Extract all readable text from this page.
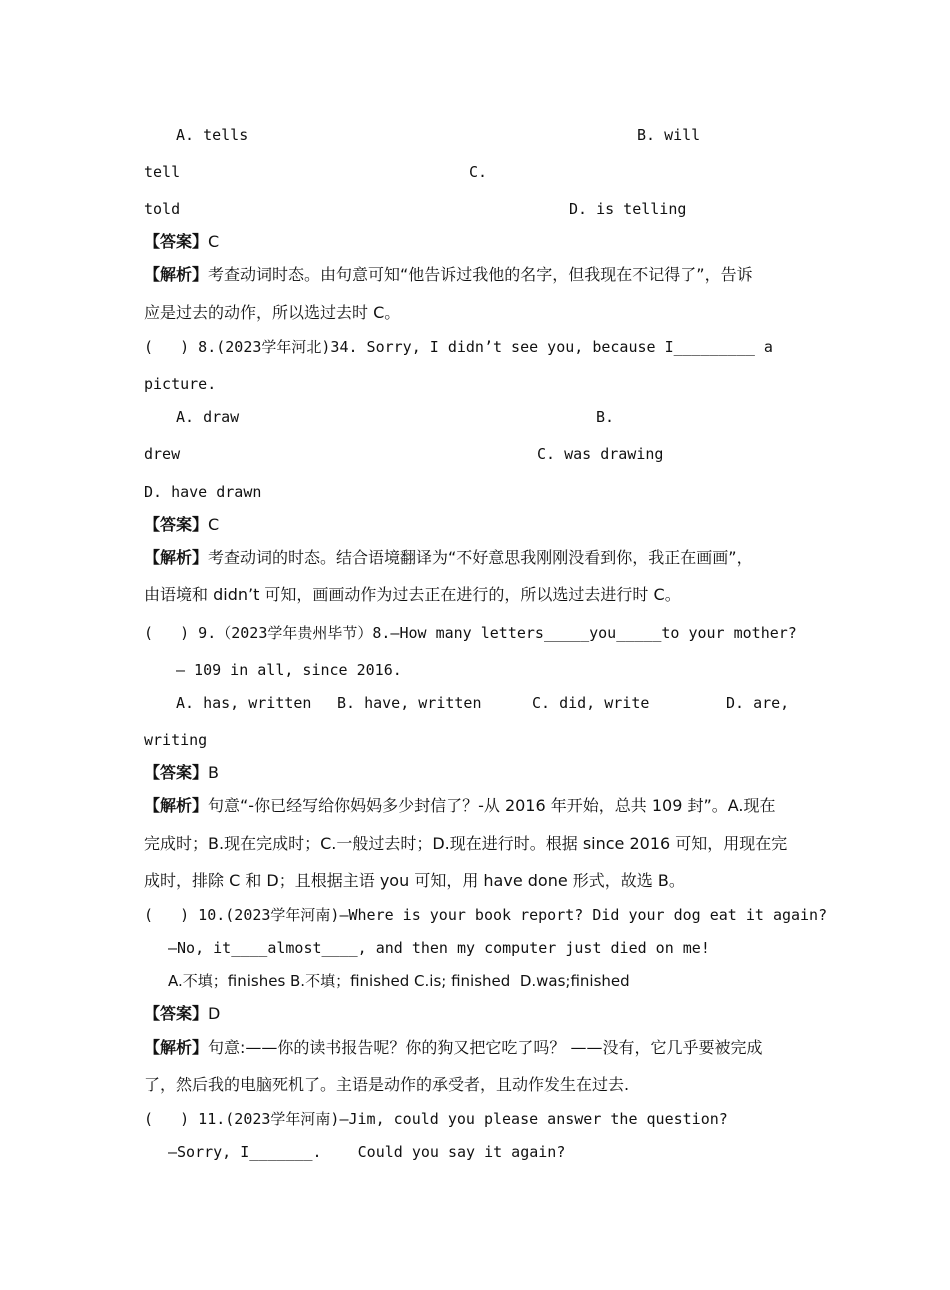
A. tells	B. will
tell	C.
told	D. is telling
【答案】C
【解析】考查动词时态。由句意可知“他告诉过我他的名字，但我现在不记得了”，告诉
应是过去的动作，所以选过去时 C。
(   ) 8.(2023学年河北)34. Sorry, I didn’t see you, because I_________ a
picture.
A. draw	B.
drew	C. was drawing
D. have drawn
【答案】C
【解析】考查动词的时态。结合语境翻译为“不好意思我刚刚没看到你，我正在画画”，
由语境和 didn’t 可知，画画动作为过去正在进行的，所以选过去进行时 C。
(   ) 9.（2023学年贵州毕节）8.—How many letters_____you_____to your mother?
— 109 in all, since 2016.
A. has, written B. have, written	C. did, write	D. are,
writing
【答案】B
【解析】句意“-你已经写给你妈妈多少封信了？-从 2016 年开始，总共 109 封”。A.现在
完成时；B.现在完成时；C.一般过去时；D.现在进行时。根据 since 2016 可知，用现在完
成时，排除 C 和 D；且根据主语 you 可知，用 have done 形式，故选 B。
(   ) 10.(2023学年河南)—Where is your book report? Did your dog eat it again?
—No, it____almost____, and then my computer just died on me!
A.不填；finishes B.不填；finished C.is; finished  D.was;finished
【答案】D
【解析】句意:——你的读书报告呢？你的狗又把它吃了吗？ ——没有，它几乎要被完成
了，然后我的电脑死机了。主语是动作的承受者，且动作发生在过去.
(   ) 11.(2023学年河南)—Jim, could you please answer the question?
—Sorry, I_______.    Could you say it again?
